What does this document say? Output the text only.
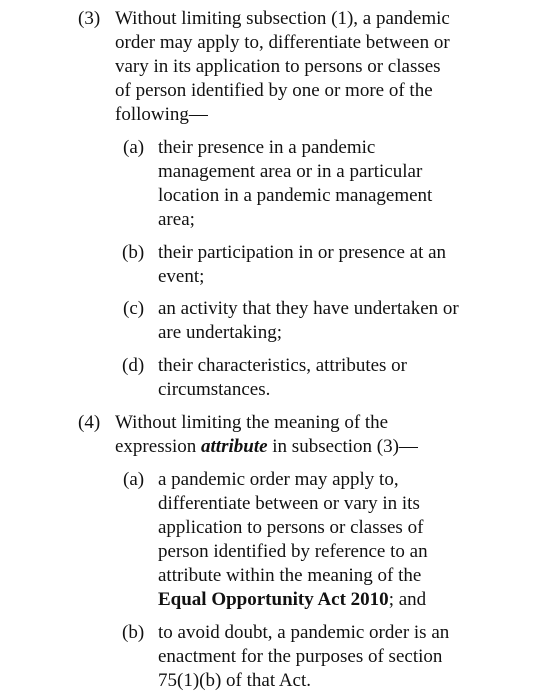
(3) Without limiting subsection (1), a pandemic
order may apply to, differentiate between or
vary in its application to persons or classes
of person identified by one or more of the
following—
(a) their presence in a pandemic
management area or in a particular
location in a pandemic management
area;
(b) their participation in or presence at an
event;
(c) an activity that they have undertaken or
are undertaking;
(d) their characteristics, attributes or
circumstances.
(4) Without limiting the meaning of the
expression attribute in subsection (3)—
(a) a pandemic order may apply to,
differentiate between or vary in its
application to persons or classes of
person identified by reference to an
attribute within the meaning of the
Equal Opportunity Act 2010; and
(b) to avoid doubt, a pandemic order is an
enactment for the purposes of section
75(1)(b) of that Act.
